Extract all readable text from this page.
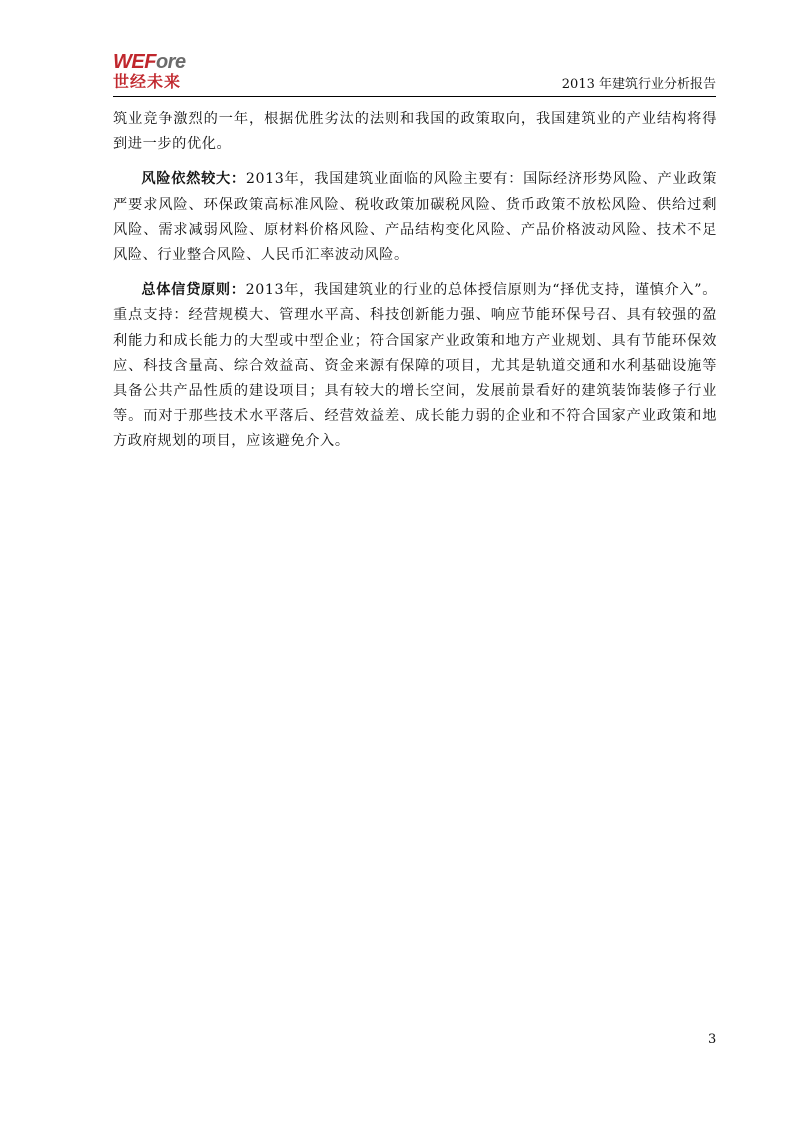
WEFore
世经未来	2013 年建筑行业分析报告

筑业竞争激烈的一年，根据优胜劣汰的法则和我国的政策取向，我国建筑业的产业结构将得到进一步的优化。

风险依然较大：2013年，我国建筑业面临的风险主要有：国际经济形势风险、产业政策严要求风险、环保政策高标准风险、税收政策加碳税风险、货币政策不放松风险、供给过剩风险、需求减弱风险、原材料价格风险、产品结构变化风险、产品价格波动风险、技术不足风险、行业整合风险、人民币汇率波动风险。

总体信贷原则：2013年，我国建筑业的行业的总体授信原则为“择优支持，谨慎介入”。重点支持：经营规模大、管理水平高、科技创新能力强、响应节能环保号召、具有较强的盈利能力和成长能力的大型或中型企业；符合国家产业政策和地方产业规划、具有节能环保效应、科技含量高、综合效益高、资金来源有保障的项目，尤其是轨道交通和水利基础设施等具备公共产品性质的建设项目；具有较大的增长空间，发展前景看好的建筑装饰装修子行业等。而对于那些技术水平落后、经营效益差、成长能力弱的企业和不符合国家产业政策和地方政府规划的项目，应该避免介入。

3
